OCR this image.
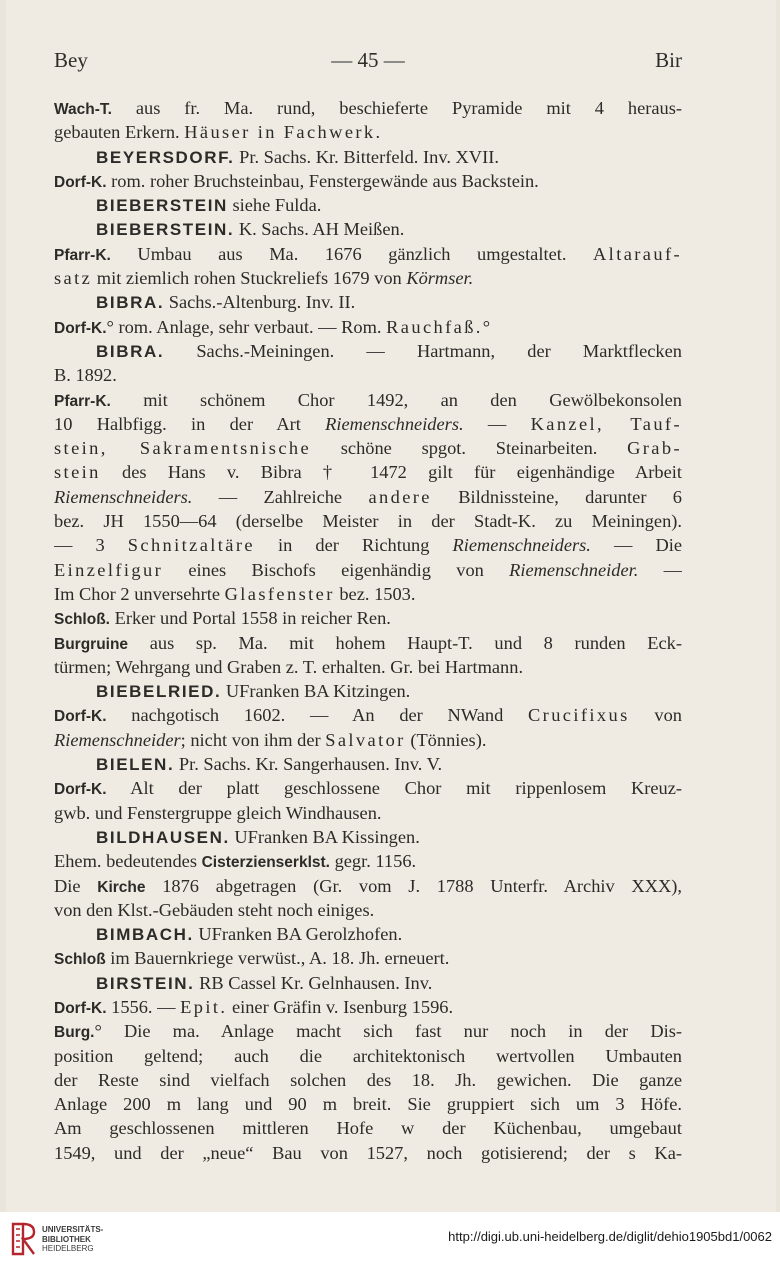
Bey	— 45 —	Bir
Wach-T. aus fr. Ma. rund, beschieferte Pyramide mit 4 heraus-
gebauten Erkern. Häuser in Fachwerk.
BEYERSDORF. Pr. Sachs. Kr. Bitterfeld. Inv. XVII.
Dorf-K. rom. roher Bruchsteinbau, Fenstergewände aus Backstein.
BIEBERSTEIN siehe Fulda.
BIEBERSTEIN. K. Sachs. AH Meißen.
Pfarr-K. Umbau aus Ma. 1676 gänzlich umgestaltet. Altarauf-
satz mit ziemlich rohen Stuckreliefs 1679 von Körmser.
BIBRA. Sachs.-Altenburg. Inv. II.
Dorf-K.° rom. Anlage, sehr verbaut. — Rom. Rauchfaß.°
BIBRA. Sachs.-Meiningen. — Hartmann, der Marktflecken
B. 1892.
Pfarr-K. mit schönem Chor 1492, an den Gewölbekonsolen
10 Halbfigg. in der Art Riemenschneiders. — Kanzel, Tauf-
stein, Sakramentsnische schöne spgot. Steinarbeiten. Grab-
stein des Hans v. Bibra † 1472 gilt für eigenhändige Arbeit
Riemenschneiders. — Zahlreiche andere Bildnissteine, darunter 6
bez. JH 1550—64 (derselbe Meister in der Stadt-K. zu Meiningen).
— 3 Schnitzaltäre in der Richtung Riemenschneiders. — Die
Einzelfigur eines Bischofs eigenhändig von Riemenschneider. —
Im Chor 2 unversehrte Glasfenster bez. 1503.
Schloß. Erker und Portal 1558 in reicher Ren.
Burgruine aus sp. Ma. mit hohem Haupt-T. und 8 runden Eck-
türmen; Wehrgang und Graben z. T. erhalten. Gr. bei Hartmann.
BIEBELRIED. UFranken BA Kitzingen.
Dorf-K. nachgotisch 1602. — An der NWand Crucifixus von
Riemenschneider; nicht von ihm der Salvator (Tönnies).
BIELEN. Pr. Sachs. Kr. Sangerhausen. Inv. V.
Dorf-K. Alt der platt geschlossene Chor mit rippenlosem Kreuz-
gwb. und Fenstergruppe gleich Windhausen.
BILDHAUSEN. UFranken BA Kissingen.
Ehem. bedeutendes Cisterzienserklst. gegr. 1156.
Die Kirche 1876 abgetragen (Gr. vom J. 1788 Unterfr. Archiv XXX),
von den Klst.-Gebäuden steht noch einiges.
BIMBACH. UFranken BA Gerolzhofen.
Schloß im Bauernkriege verwüst., A. 18. Jh. erneuert.
BIRSTEIN. RB Cassel Kr. Gelnhausen. Inv.
Dorf-K. 1556. — Epit. einer Gräfin v. Isenburg 1596.
Burg.° Die ma. Anlage macht sich fast nur noch in der Dis-
position geltend; auch die architektonisch wertvollen Umbauten
der Reste sind vielfach solchen des 18. Jh. gewichen. Die ganze
Anlage 200 m lang und 90 m breit. Sie gruppiert sich um 3 Höfe.
Am geschlossenen mittleren Hofe w der Küchenbau, umgebaut
1549, und der „neue“ Bau von 1527, noch gotisierend; der s Ka-
UNIVERSITÄTS-
BIBLIOTHEK
HEIDELBERG
http://digi.ub.uni-heidelberg.de/diglit/dehio1905bd1/0062
